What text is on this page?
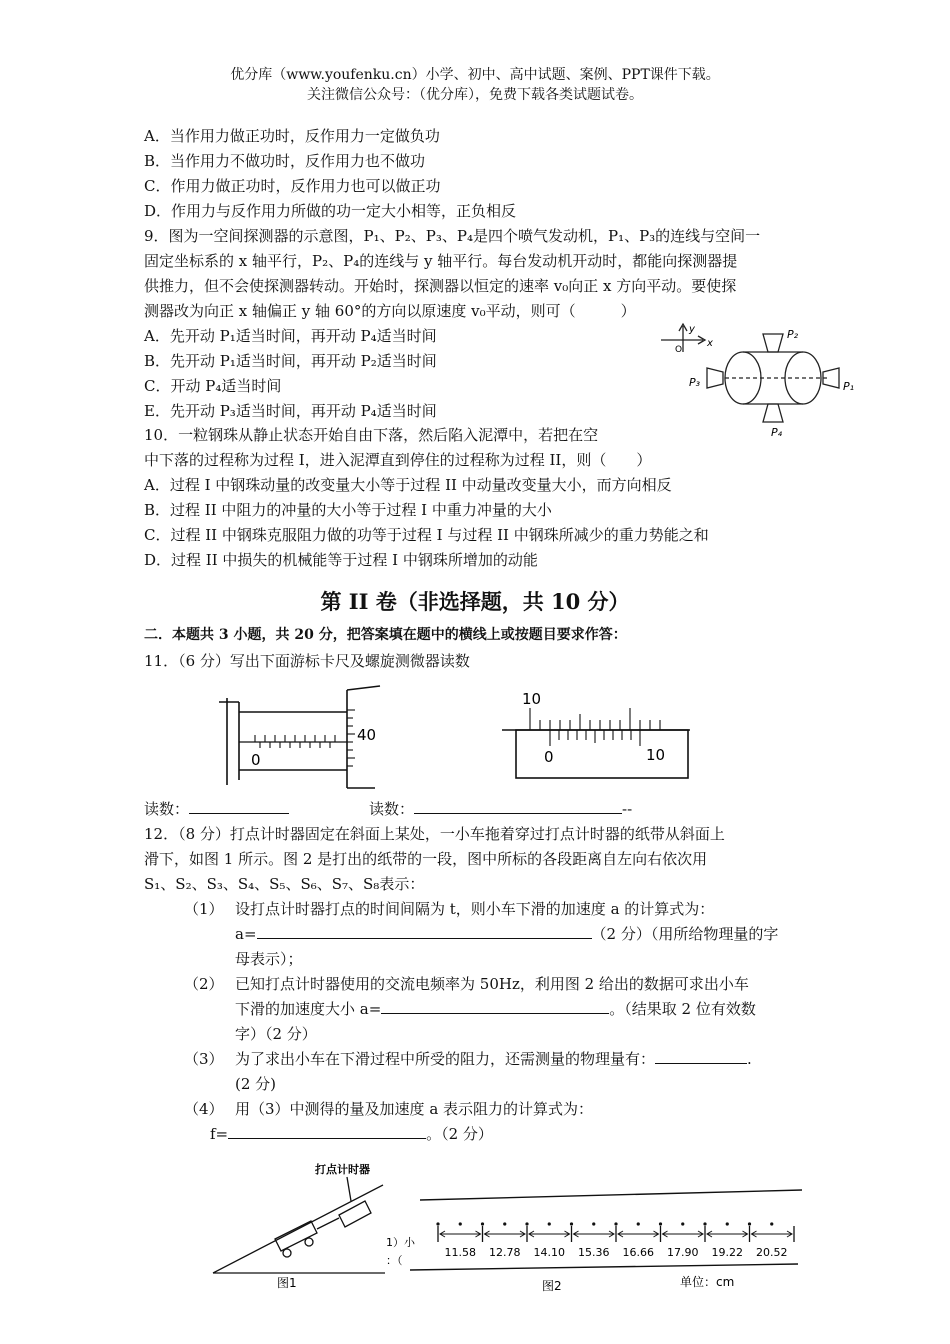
优分库（www.youfenku.cn）小学、初中、高中试题、案例、PPT课件下载。
关注微信公众号：（优分库），免费下载各类试题试卷。
A．当作用力做正功时，反作用力一定做负功
B．当作用力不做功时，反作用力也不做功
C．作用力做正功时，反作用力也可以做正功
D．作用力与反作用力所做的功一定大小相等，正负相反
9．图为一空间探测器的示意图，P₁、P₂、P₃、P₄是四个喷气发动机，P₁、P₃的连线与空间一
固定坐标系的 x 轴平行，P₂、P₄的连线与 y 轴平行。每台发动机开动时，都能向探测器提
供推力，但不会使探测器转动。开始时，探测器以恒定的速率 v₀向正 x 方向平动。要使探
测器改为向正 x 轴偏正 y 轴 60°的方向以原速度 v₀平动，则可（　　　）
A．先开动 P₁适当时间，再开动 P₄适当时间
B．先开动 P₁适当时间，再开动 P₂适当时间
C．开动 P₄适当时间
E．先开动 P₃适当时间，再开动 P₄适当时间
y
x
O
P₂
P₄
P₃	P₁
10．一粒钢珠从静止状态开始自由下落，然后陷入泥潭中，若把在空
中下落的过程称为过程 I，进入泥潭直到停住的过程称为过程 II，则（　　）
A．过程 I 中钢珠动量的改变量大小等于过程 II 中动量改变量大小，而方向相反
B．过程 II 中阻力的冲量的大小等于过程 I 中重力冲量的大小
C．过程 II 中钢珠克服阻力做的功等于过程 I 与过程 II 中钢珠所减少的重力势能之和
D．过程 II 中损失的机械能等于过程 I 中钢珠所增加的动能
第 II 卷（非选择题，共 10 分）
二．本题共 3 小题，共 20 分，把答案填在题中的横线上或按题目要求作答：
11．（6 分）写出下面游标卡尺及螺旋测微器读数
0
40
10
0	10
读数：	读数：	--
12．（8 分）打点计时器固定在斜面上某处，一小车拖着穿过打点计时器的纸带从斜面上
滑下，如图 1 所示。图 2 是打出的纸带的一段，图中所标的各段距离自左向右依次用
S₁、S₂、S₃、S₄、S₅、S₆、S₇、S₈表示：
（1） 设打点计时器打点的时间间隔为 t，则小车下滑的加速度 a 的计算式为：
a=	（2 分）（用所给物理量的字
母表示）；
（2） 已知打点计时器使用的交流电频率为 50Hz，利用图 2 给出的数据可求出小车
下滑的加速度大小 a=	。（结果取 2 位有效数
字）（2 分）
（3） 为了求出小车在下滑过程中所受的阻力，还需测量的物理量有：	.
(2 分)
（4） 用（3）中测得的量及加速度 a 表示阻力的计算式为：
f=	。（2 分）
打点计时器
图1
11.58 12.78 14.10 15.36 16.66 17.90 19.22 20.52
1）小
：（
图2	单位：cm
